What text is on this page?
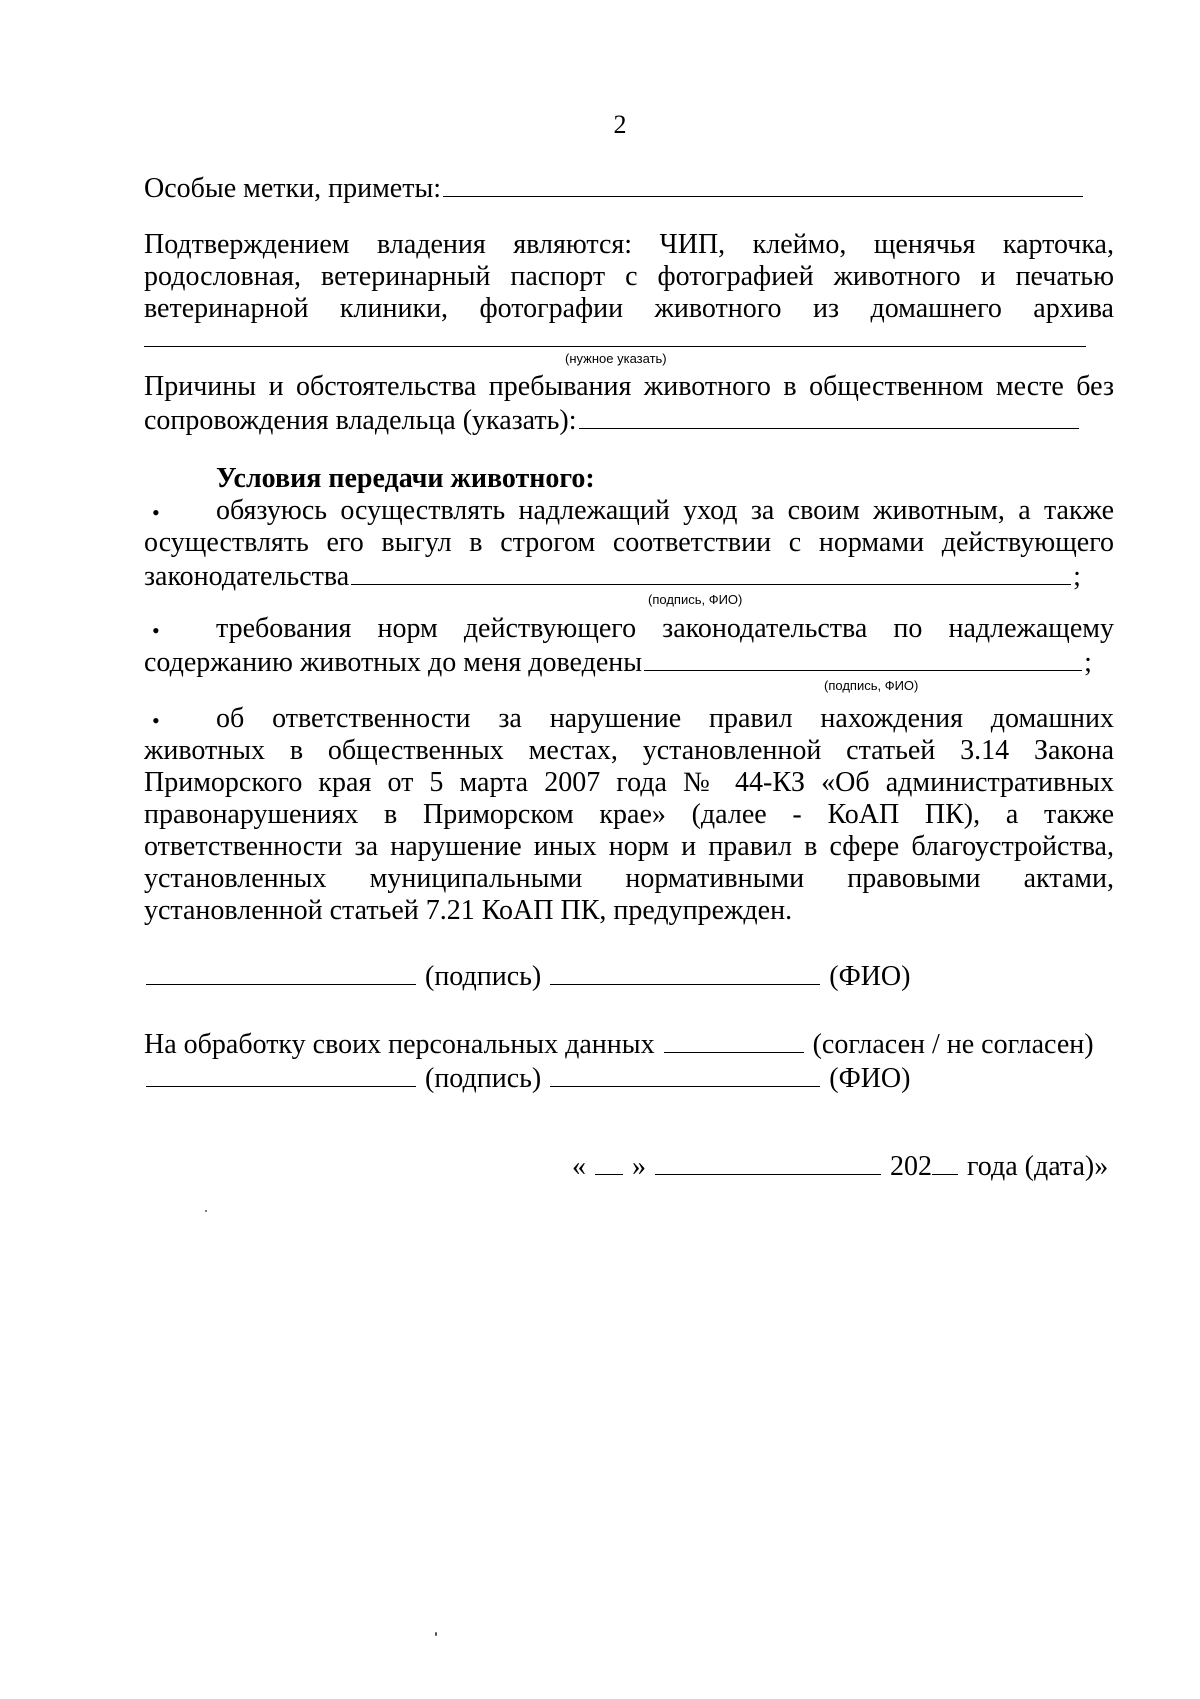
2
Особые метки, приметы:
Подтверждением владения являются: ЧИП, клеймо, щенячья карточка,
родословная, ветеринарный паспорт с фотографией животного и печатью
ветеринарной клиники, фотографии животного из домашнего архива
(нужное указать)
Причины и обстоятельства пребывания животного в общественном месте без
сопровождения владельца (указать):
Условия передачи животного:
• обязуюсь осуществлять надлежащий уход за своим животным, а также
осуществлять его выгул в строгом соответствии с нормами действующего
законодательства	;
(подпись, ФИО)
• требования норм действующего законодательства по надлежащему
содержанию животных до меня доведены	;
(подпись, ФИО)
• об ответственности за нарушение правил нахождения домашних
животных в общественных местах, установленной статьей 3.14 Закона
Приморского края от 5 марта 2007 года № 44-КЗ «Об административных
правонарушениях в Приморском крае» (далее - КоАП ПК), а также
ответственности за нарушение иных норм и правил в сфере благоустройства,
установленных муниципальными нормативными правовыми актами,
установленной статьей 7.21 КоАП ПК, предупрежден.
(подпись)	(ФИО)
На обработку своих персональных данных	(согласен / не согласен)
(подпись)	(ФИО)
« »	202 года (дата)»
